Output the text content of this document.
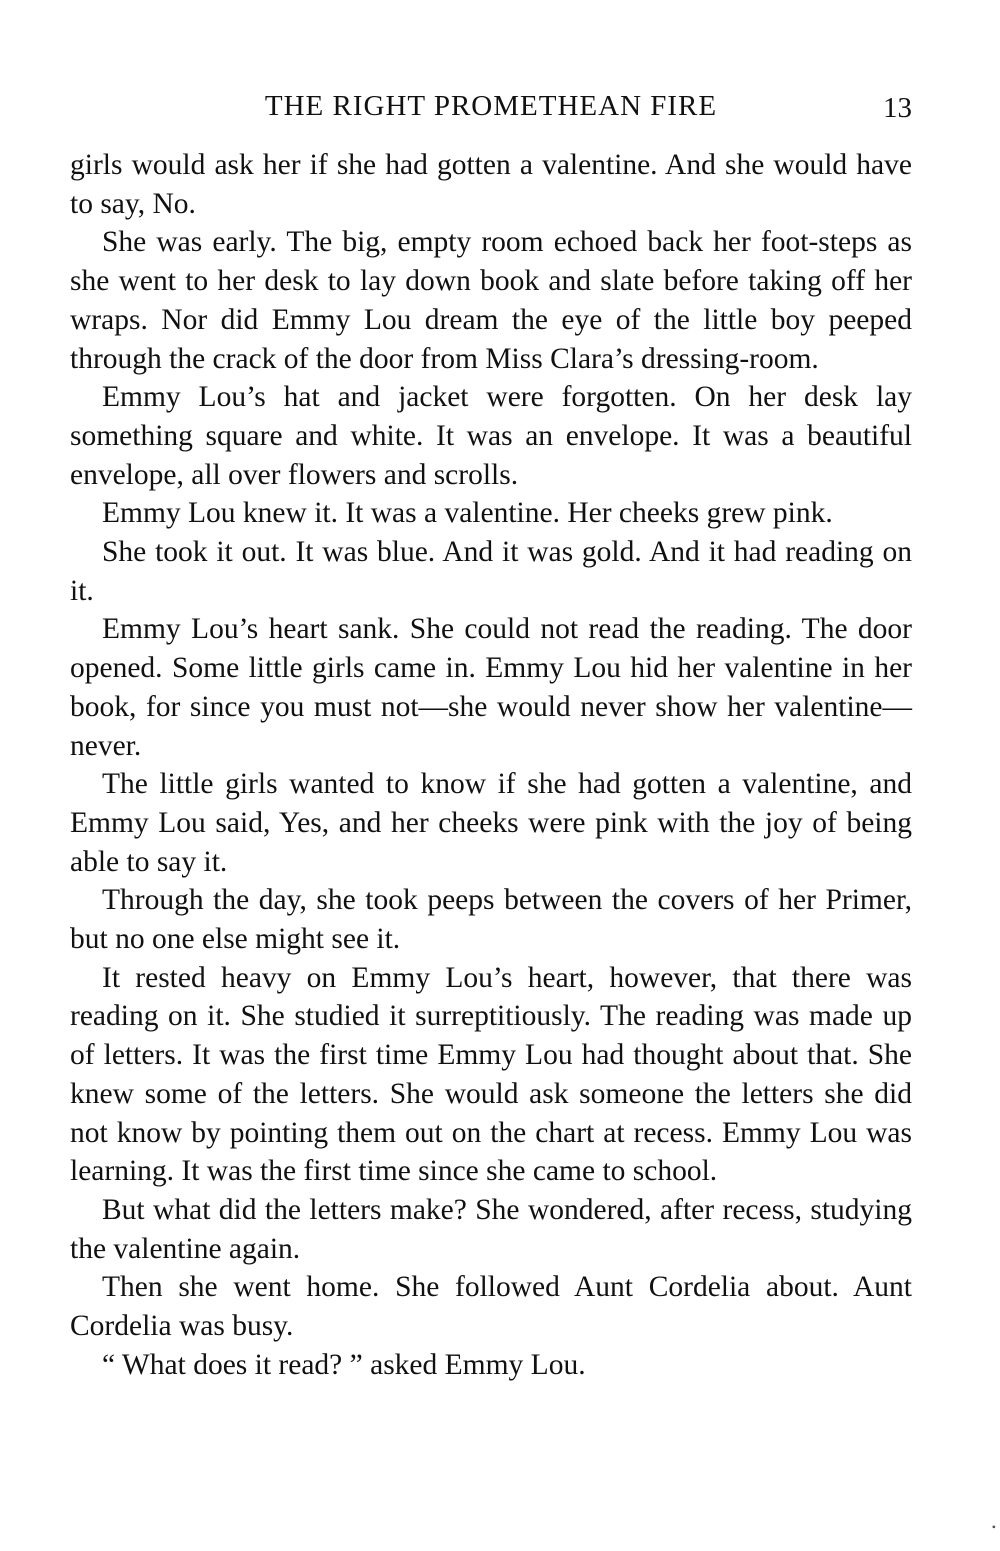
THE RIGHT PROMETHEAN FIRE	13

girls would ask her if she had gotten a valentine. And she would have to say, No.

She was early. The big, empty room echoed back her foot-steps as she went to her desk to lay down book and slate before taking off her wraps. Nor did Emmy Lou dream the eye of the little boy peeped through the crack of the door from Miss Clara’s dressing-room.

Emmy Lou’s hat and jacket were forgotten. On her desk lay something square and white. It was an envelope. It was a beautiful envelope, all over flowers and scrolls.

Emmy Lou knew it. It was a valentine. Her cheeks grew pink.

She took it out. It was blue. And it was gold. And it had reading on it.

Emmy Lou’s heart sank. She could not read the reading. The door opened. Some little girls came in. Emmy Lou hid her valentine in her book, for since you must not—she would never show her valentine—never.

The little girls wanted to know if she had gotten a valentine, and Emmy Lou said, Yes, and her cheeks were pink with the joy of being able to say it.

Through the day, she took peeps between the covers of her Primer, but no one else might see it.

It rested heavy on Emmy Lou’s heart, however, that there was reading on it. She studied it surreptitiously. The reading was made up of letters. It was the first time Emmy Lou had thought about that. She knew some of the letters. She would ask someone the letters she did not know by pointing them out on the chart at recess. Emmy Lou was learning. It was the first time since she came to school.

But what did the letters make? She wondered, after recess, studying the valentine again.

Then she went home. She followed Aunt Cordelia about. Aunt Cordelia was busy.

“ What does it read? ” asked Emmy Lou.

•
